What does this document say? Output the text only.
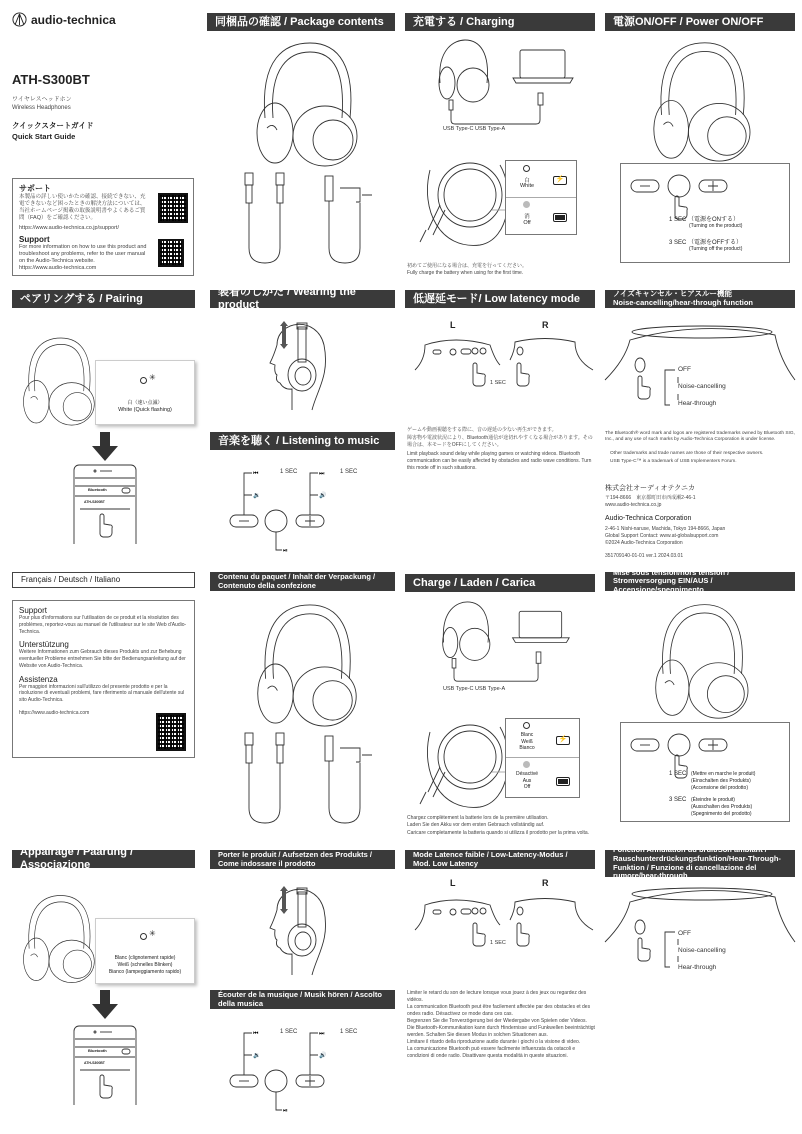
audio-technica
ATH-S300BT
ワイヤレスヘッドホン
Wireless Headphones
クイックスタートガイド
Quick Start Guide
サポート
本製品の詳しい使いかたの確認、接続できない、充電できないなど困ったときの解決方法については、当社ホームページ掲載の取扱説明書やよくあるご質問（FAQ）をご確認ください。
https://www.audio-technica.co.jp/support/
Support
For more information on how to use this product and troubleshoot any problems, refer to the user manual on the Audio-Technica website.
https://www.audio-technica.com
同梱品の確認 / Package contents	充電する / Charging
USB Type-C USB Type-A
白
White
⚡
消
Off
初めてご使用になる場合は、充電を行ってください。
Fully charge the battery when using for the first time.
電源ON/OFF / Power ON/OFF
1 SEC （電源をONする）
(Turning on the product)
3 SEC （電源をOFFする）
(Turning off the product)
ペアリングする / Pairing
✳
白（速い点滅）
White (Quick flashing)
Bluetooth
ATH-S300BT
装着のしかた / Wearing the product
音楽を聴く / Listening to music
⏮	⏭
🔉	🔊
⏯
1 SEC	1 SEC
低遅延モード/ Low latency mode
L	R
1 SEC
ゲームや動画視聴をする際に、音の遅延の少ない再生ができます。
障害物や電波状況により、Bluetooth通信が途切れやすくなる場合があります。その場合は、本モードをOFFにしてください。
Limit playback sound delay while playing games or watching videos. Bluetooth communication can be easily affected by obstacles and radio wave conditions. Turn this mode off in such situations.
ノイズキャンセル・ヒアスルー機能
Noise-cancelling/hear-through function
OFF
Noise-cancelling
Hear-through
The Bluetooth® word mark and logos are registered trademarks owned by Bluetooth SIG, Inc., and any use of such marks by Audio-Technica Corporation is under license.
Other trademarks and trade names are those of their respective owners.
USB Type-C™ is a trademark of USB Implementers Forum.
株式会社オーディオテクニカ
〒194-8666　東京都町田市西成瀬2-46-1
www.audio-technica.co.jp
Audio-Technica Corporation
2-46-1 Nishi-naruse, Machida, Tokyo 194-8666, Japan
Global Support Contact: www.at-globalsupport.com
©2024 Audio-Technica Corporation
351709140-01-01 ver.1 2024.03.01
Français / Deutsch / Italiano
Support
Pour plus d'informations sur l'utilisation de ce produit et la résolution des problèmes, reportez-vous au manuel de l'utilisateur sur le site Web d'Audio-Technica.
Unterstützung
Weitere Informationen zum Gebrauch dieses Produkts und zur Behebung eventueller Probleme entnehmen Sie bitte der Bedienungsanleitung auf der Website von Audio-Technica.
Assistenza
Per maggiori informazioni sull'utilizzo del presente prodotto e per la risoluzione di eventuali problemi, fare riferimento al manuale dell'utente sul sito Audio-Technica.
https://www.audio-technica.com
Contenu du paquet / Inhalt der Verpackung / Contenuto della confezione	Charge / Laden / Carica
USB Type-C USB Type-A
Blanc
Weiß
Bianco
⚡
Désactivé
Aus
Off
Chargez complètement la batterie lors de la première utilisation.
Laden Sie den Akku vor dem ersten Gebrauch vollständig auf.
Caricare completamente la batteria quando si utilizza il prodotto per la prima volta.
Mise sous tension/hors tension / Stromversorgung EIN/AUS / Accensione/spegnimento
1 SEC (Mettre en marche le produit)
(Einschalten des Produkts)
(Accensione del prodotto)
3 SEC (Éteindre le produit)
(Ausschalten des Produkts)
(Spegnimento del prodotto)
Appairage / Paarung / Associazione
✳
Blanc (clignotement rapide)
Weiß (schnelles Blinken)
Bianco (lampeggiamento rapido)
Bluetooth
ATH-S300BT
Porter le produit / Aufsetzen des Produkts / Come indossare il prodotto
Écouter de la musique / Musik hören / Ascolto della musica
⏮	⏭
🔉	🔊
⏯
1 SEC	1 SEC
Mode Latence faible / Low-Latency-Modus / Mod. Low Latency
L	R
1 SEC
Limiter le retard du son de lecture lorsque vous jouez à des jeux ou regardez des vidéos.
La communication Bluetooth peut être facilement affectée par des obstacles et des ondes radio. Désactivez ce mode dans ces cas.
Begrenzen Sie die Tonverzögerung bei der Wiedergabe von Spielen oder Videos.
Die Bluetooth-Kommunikation kann durch Hindernisse und Funkwellen beeinträchtigt werden. Schalten Sie diesen Modus in solchen Situationen aus.
Limitare il ritardo della riproduzione audio durante i giochi o la visione di video.
La comunicazione Bluetooth può essere facilmente influenzata da ostacoli e condizioni di onde radio. Disattivare questa modalità in queste situazioni.
Fonction Annulation du bruit/Son ambiant / Rauschunterdrückungsfunktion/Hear-Through-Funktion / Funzione di cancellazione del rumore/hear-through
OFF
Noise-cancelling
Hear-through
